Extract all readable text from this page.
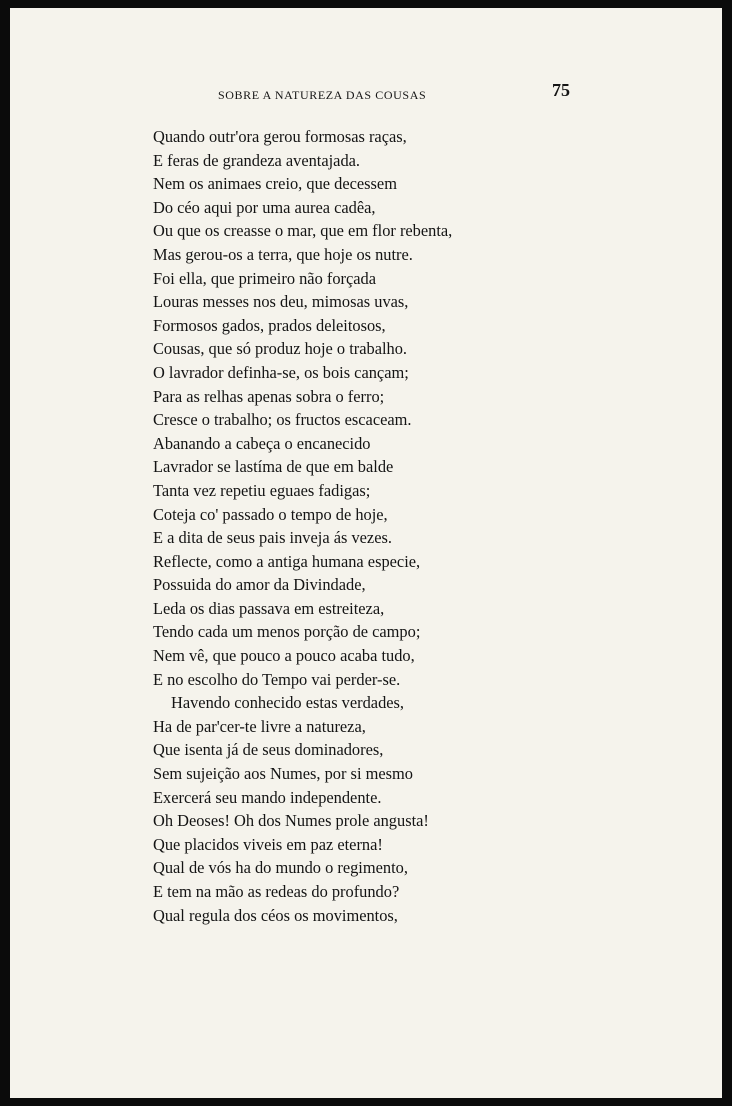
SOBRE A NATUREZA DAS COUSAS	75
Quando outr'ora gerou formosas raças,
E feras de grandeza aventajada.
Nem os animaes creio, que decessem
Do céo aqui por uma aurea cadêa,
Ou que os creasse o mar, que em flor rebenta,
Mas gerou-os a terra, que hoje os nutre.
Foi ella, que primeiro não forçada
Louras messes nos deu, mimosas uvas,
Formosos gados, prados deleitosos,
Cousas, que só produz hoje o trabalho.
O lavrador definha-se, os bois cançam;
Para as relhas apenas sobra o ferro;
Cresce o trabalho; os fructos escaceam.
Abanando a cabeça o encanecido
Lavrador se lastíma de que em balde
Tanta vez repetiu eguaes fadigas;
Coteja co' passado o tempo de hoje,
E a dita de seus pais inveja ás vezes.
Reflecte, como a antiga humana especie,
Possuida do amor da Divindade,
Leda os dias passava em estreiteza,
Tendo cada um menos porção de campo;
Nem vê, que pouco a pouco acaba tudo,
E no escolho do Tempo vai perder-se.
Havendo conhecido estas verdades,
Ha de par'cer-te livre a natureza,
Que isenta já de seus dominadores,
Sem sujeição aos Numes, por si mesmo
Exercerá seu mando independente.
Oh Deoses! Oh dos Numes prole angusta!
Que placidos viveis em paz eterna!
Qual de vós ha do mundo o regimento,
E tem na mão as redeas do profundo?
Qual regula dos céos os movimentos,
